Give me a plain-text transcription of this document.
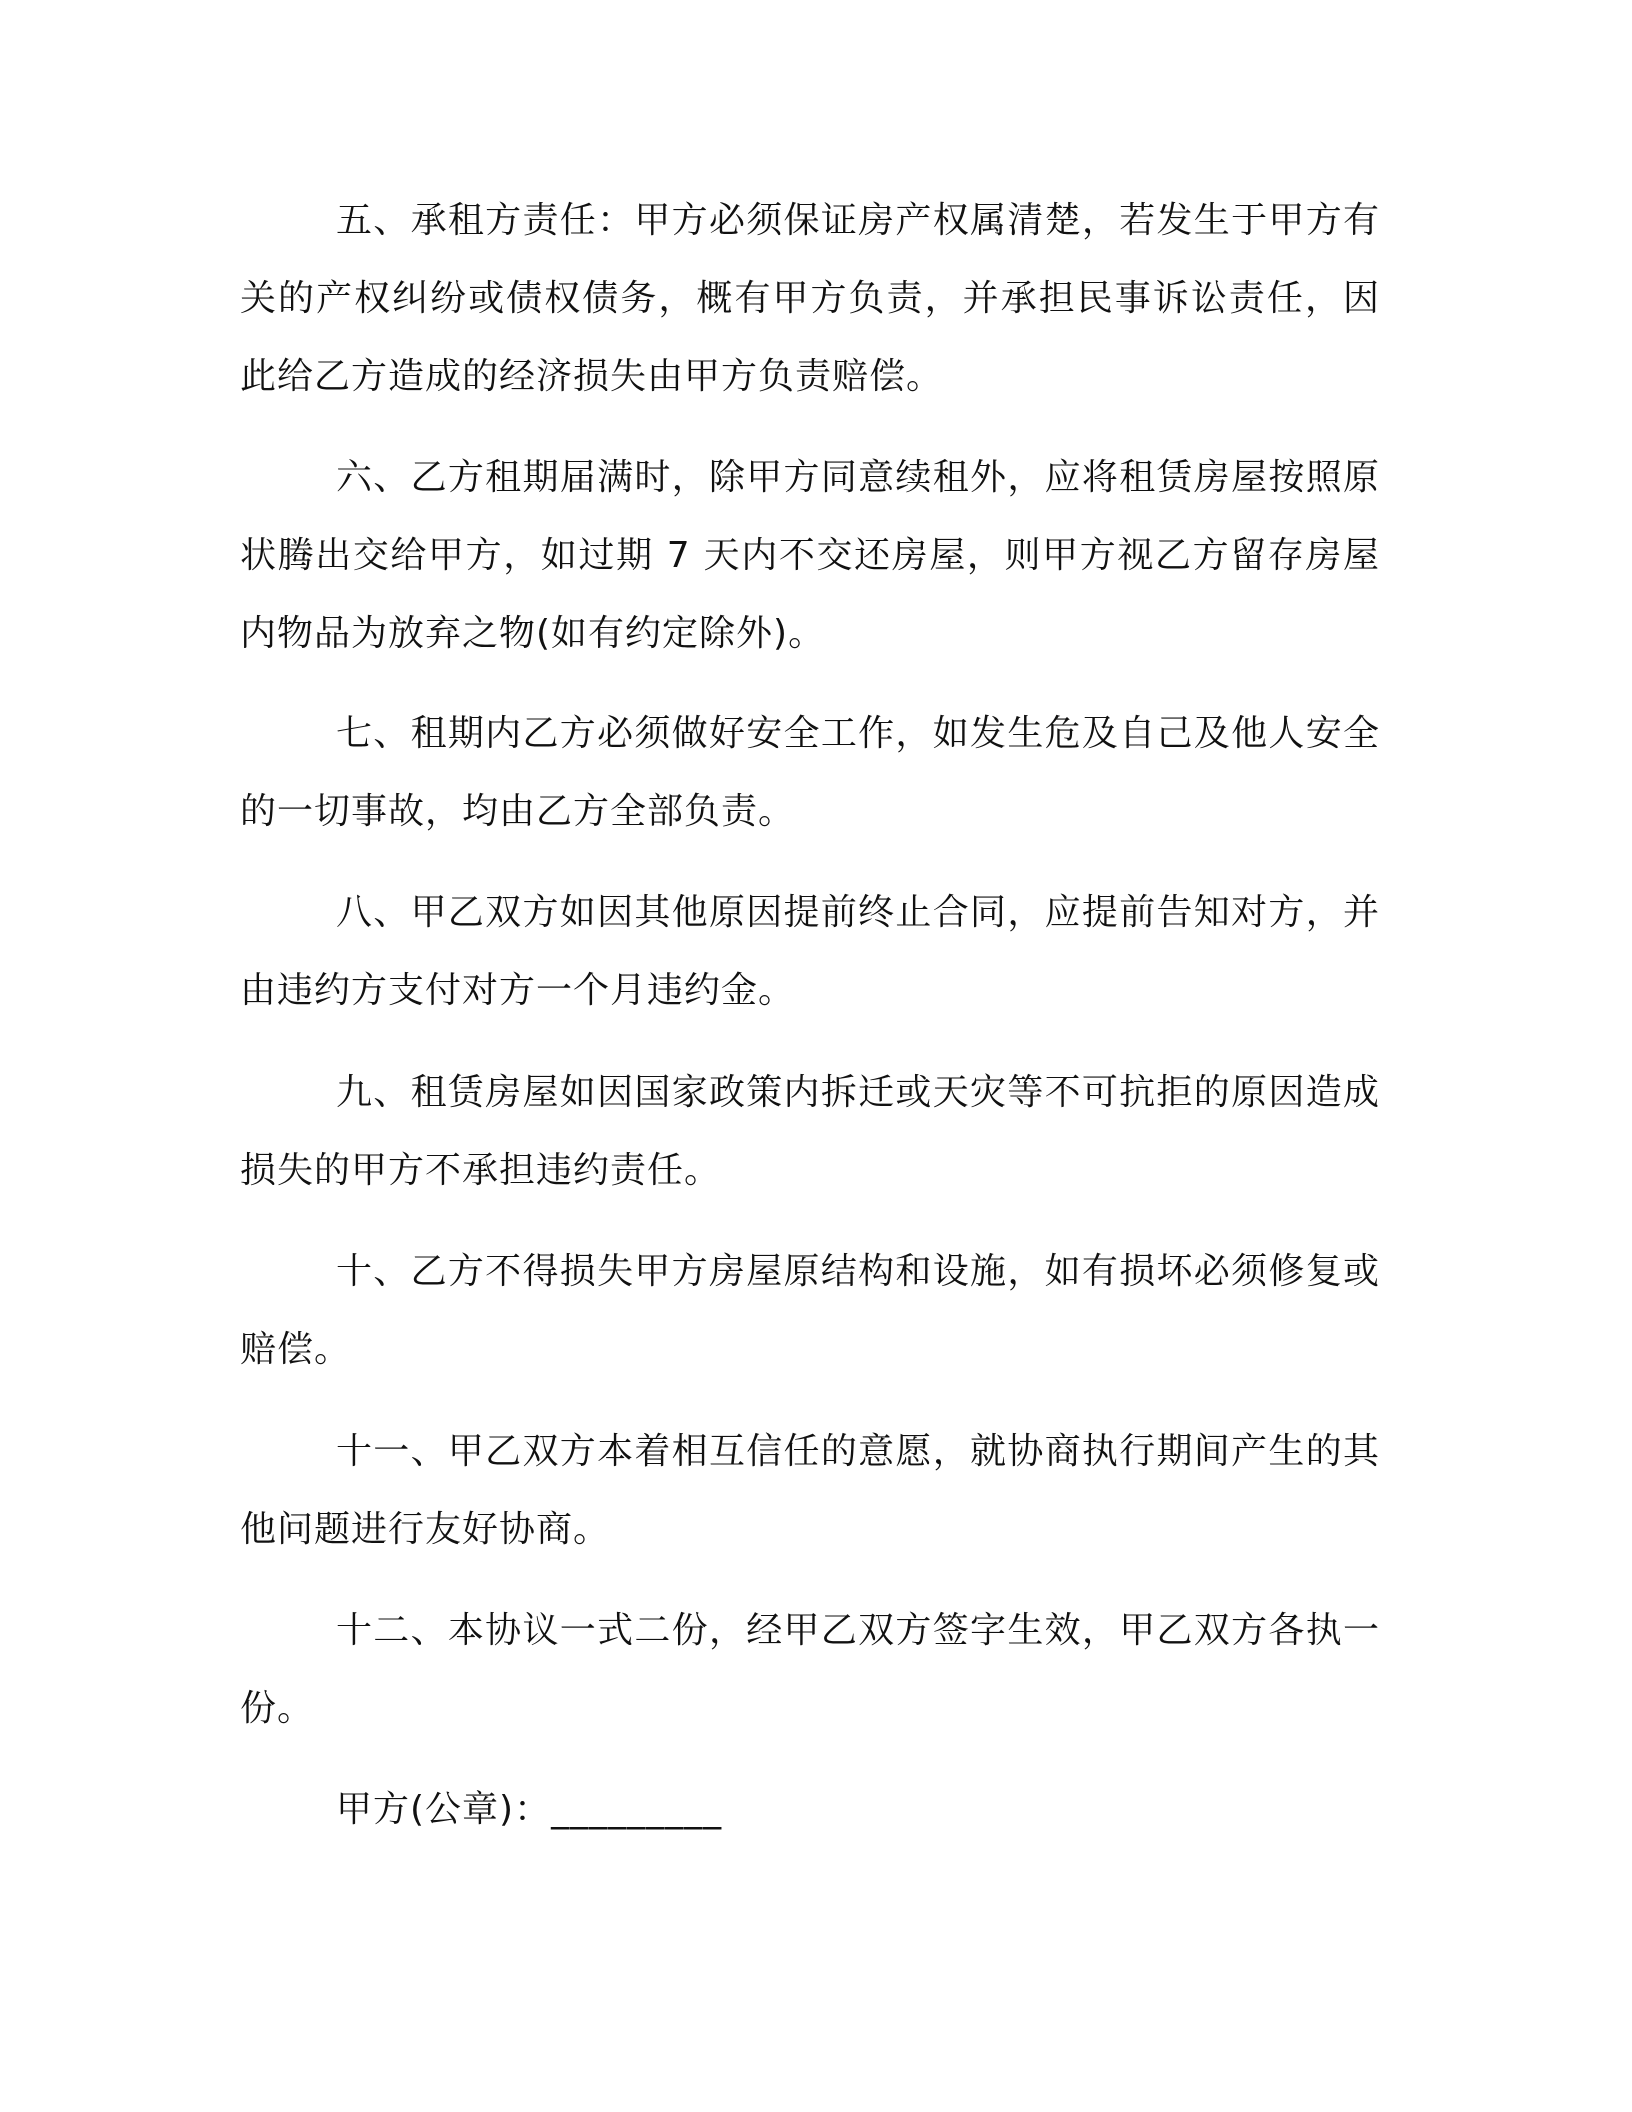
五、承租方责任：甲方必须保证房产权属清楚，若发生于甲方有关的产权纠纷或债权债务，概有甲方负责，并承担民事诉讼责任，因此给乙方造成的经济损失由甲方负责赔偿。

六、乙方租期届满时，除甲方同意续租外，应将租赁房屋按照原状腾出交给甲方，如过期 7 天内不交还房屋，则甲方视乙方留存房屋内物品为放弃之物(如有约定除外)。

七、租期内乙方必须做好安全工作，如发生危及自己及他人安全的一切事故，均由乙方全部负责。

八、甲乙双方如因其他原因提前终止合同，应提前告知对方，并由违约方支付对方一个月违约金。

九、租赁房屋如因国家政策内拆迁或天灾等不可抗拒的原因造成损失的甲方不承担违约责任。

十、乙方不得损失甲方房屋原结构和设施，如有损坏必须修复或赔偿。

十一、甲乙双方本着相互信任的意愿，就协商执行期间产生的其他问题进行友好协商。

十二、本协议一式二份，经甲乙双方签字生效，甲乙双方各执一份。

甲方(公章)：_________
